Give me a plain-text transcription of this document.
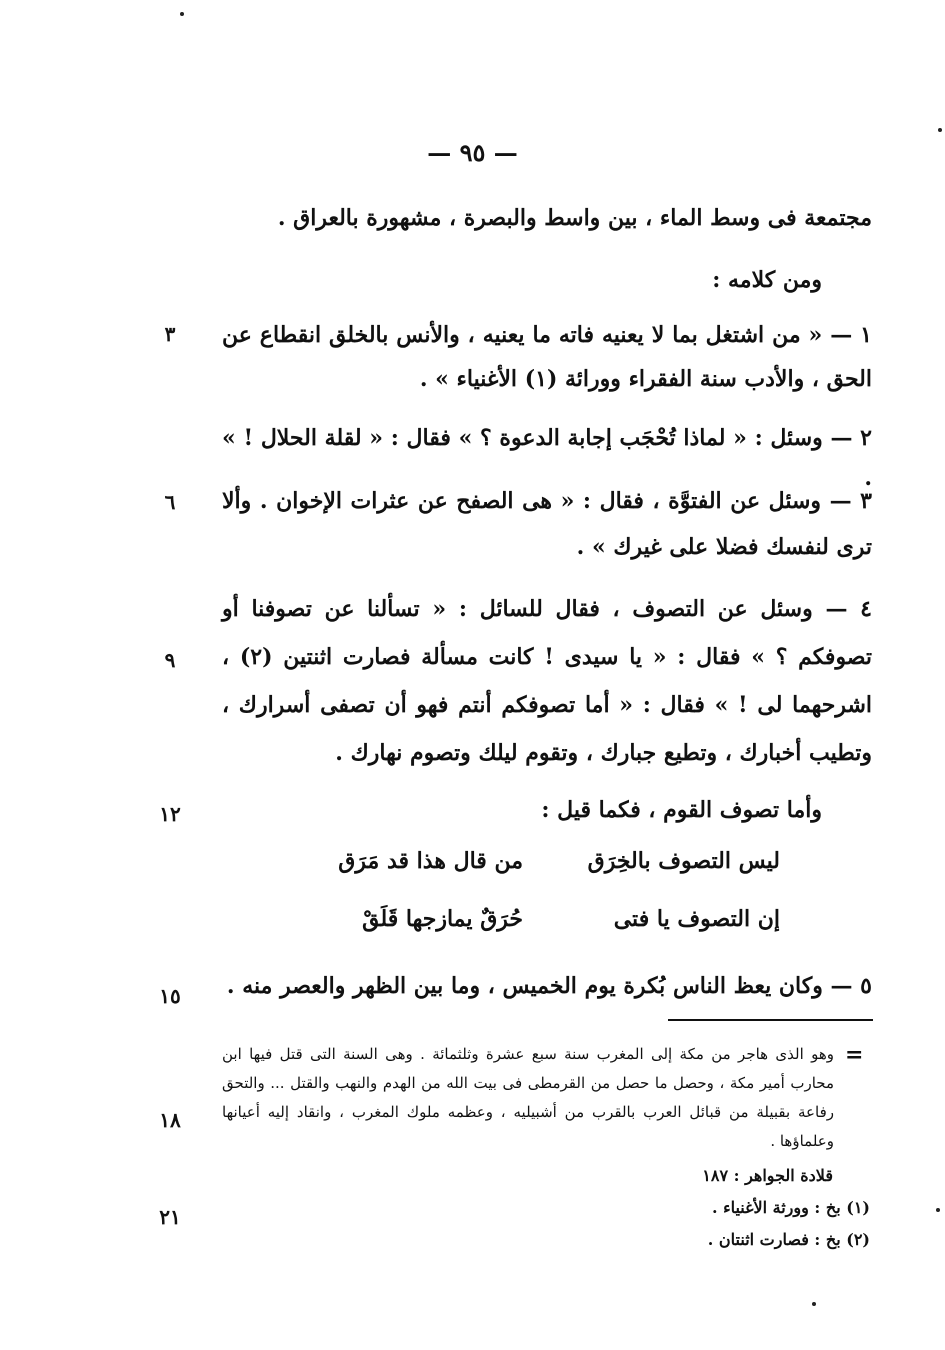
— ٩٥ —
مجتمعة فى وسط الماء ، بين واسط والبصرة ، مشهورة بالعراق .
ومن كلامه :
١ — « من اشتغل بما لا يعنيه فاته ما يعنيه ، والأنس بالخلق انقطاع عن الحق ، والأدب سنة الفقراء وورائة (١) الأغنياء » .
٢ — وسئل : « لماذا تُحْجَب إجابة الدعوة ؟ » فقال : « لقلة الحلال ! » .
٣ — وسئل عن الفتوَّة ، فقال : « هى الصفح عن عثرات الإخوان . وألا ترى لنفسك فضلا على غيرك » .
٤ — وسئل عن التصوف ، فقال للسائل : « تسألنا عن تصوفنا أو تصوفكم ؟ » فقال : « يا سيدى ! كانت مسألة فصارت اثنتين (٢) ، اشرحهما لى ! » فقال : « أما تصوفكم أنتم فهو أن تصفى أسرارك ، وتطيب أخبارك ، وتطيع جبارك ، وتقوم ليلك وتصوم نهارك .
وأما تصوف القوم ، فكما قيل :
ليس التصوف بالخِرَق
من قال هذا قد مَرَق
إن التصوف يا فتى
حُرَقٌ يمازجها قَلَقْ
٥ — وكان يعظ الناس بُكرة يوم الخميس ، وما بين الظهر والعصر منه .
٣
٦
٩
١٢
١٥
١٨
٢١
=
وهو الذى هاجر من مكة إلى المغرب سنة سبع عشرة وثلثمائة . وهى السنة التى قتل فيها ابن محارب أمير مكة ، وحصل ما حصل من القرمطى فى بيت الله من الهدم والنهب والقتل ... والتحق رفاعة بقبيلة من قبائل العرب بالقرب من أشبيليه ، وعظمه ملوك المغرب ، وانقاد إليه أعيانها وعلماؤها .
قلادة الجواهر : ١٨٧
(١) بخ : وورثة الأغنياء .
(٢) بخ : فصارت اثنتان .
